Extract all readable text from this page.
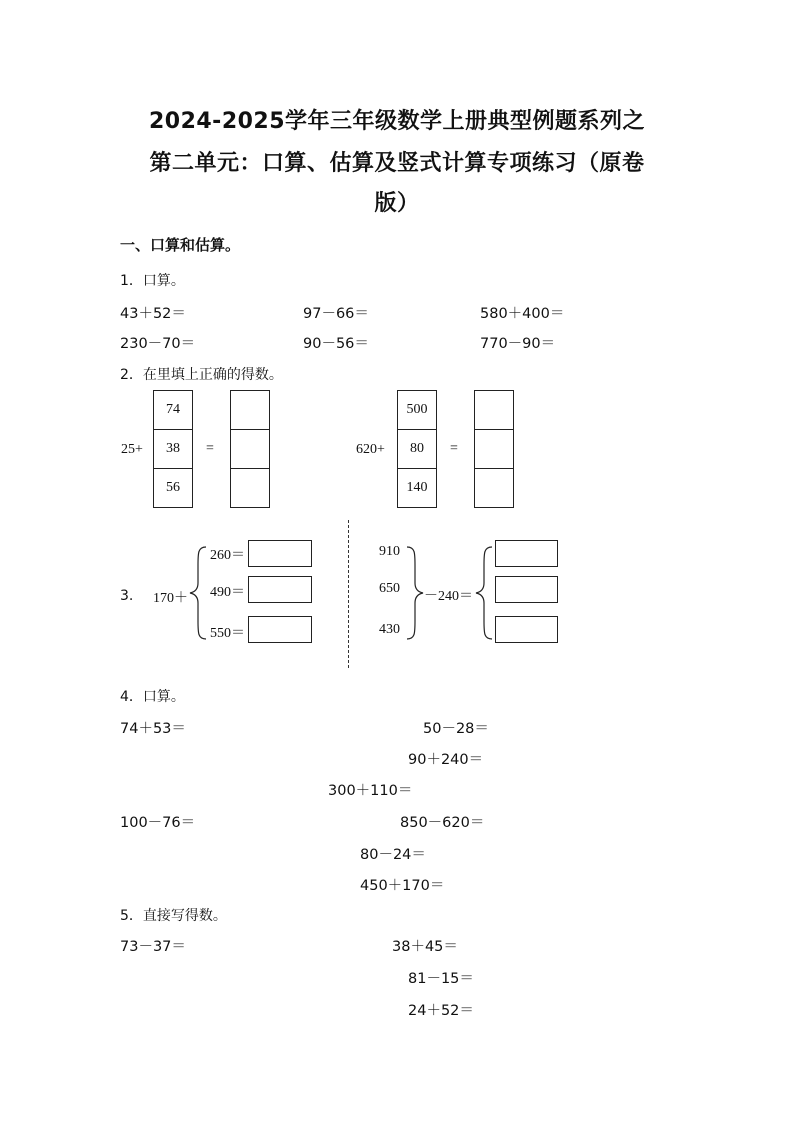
2024-2025学年三年级数学上册典型例题系列之
第二单元：口算、估算及竖式计算专项练习（原卷
版）
一、口算和估算。
1．口算。
43＋52＝	97－66＝	580＋400＝
230－70＝	90－56＝	770－90＝
2．在里填上正确的得数。
25+
74
38
56
=	620+
500
80
140
=
3. 170＋
260＝
490＝
550＝
910
650
430
－240＝
4．口算。
74＋53＝	50－28＝
90＋240＝
300＋110＝
100－76＝	850－620＝
80－24＝
450＋170＝
5．直接写得数。
73－37＝	38＋45＝
81－15＝
24＋52＝
